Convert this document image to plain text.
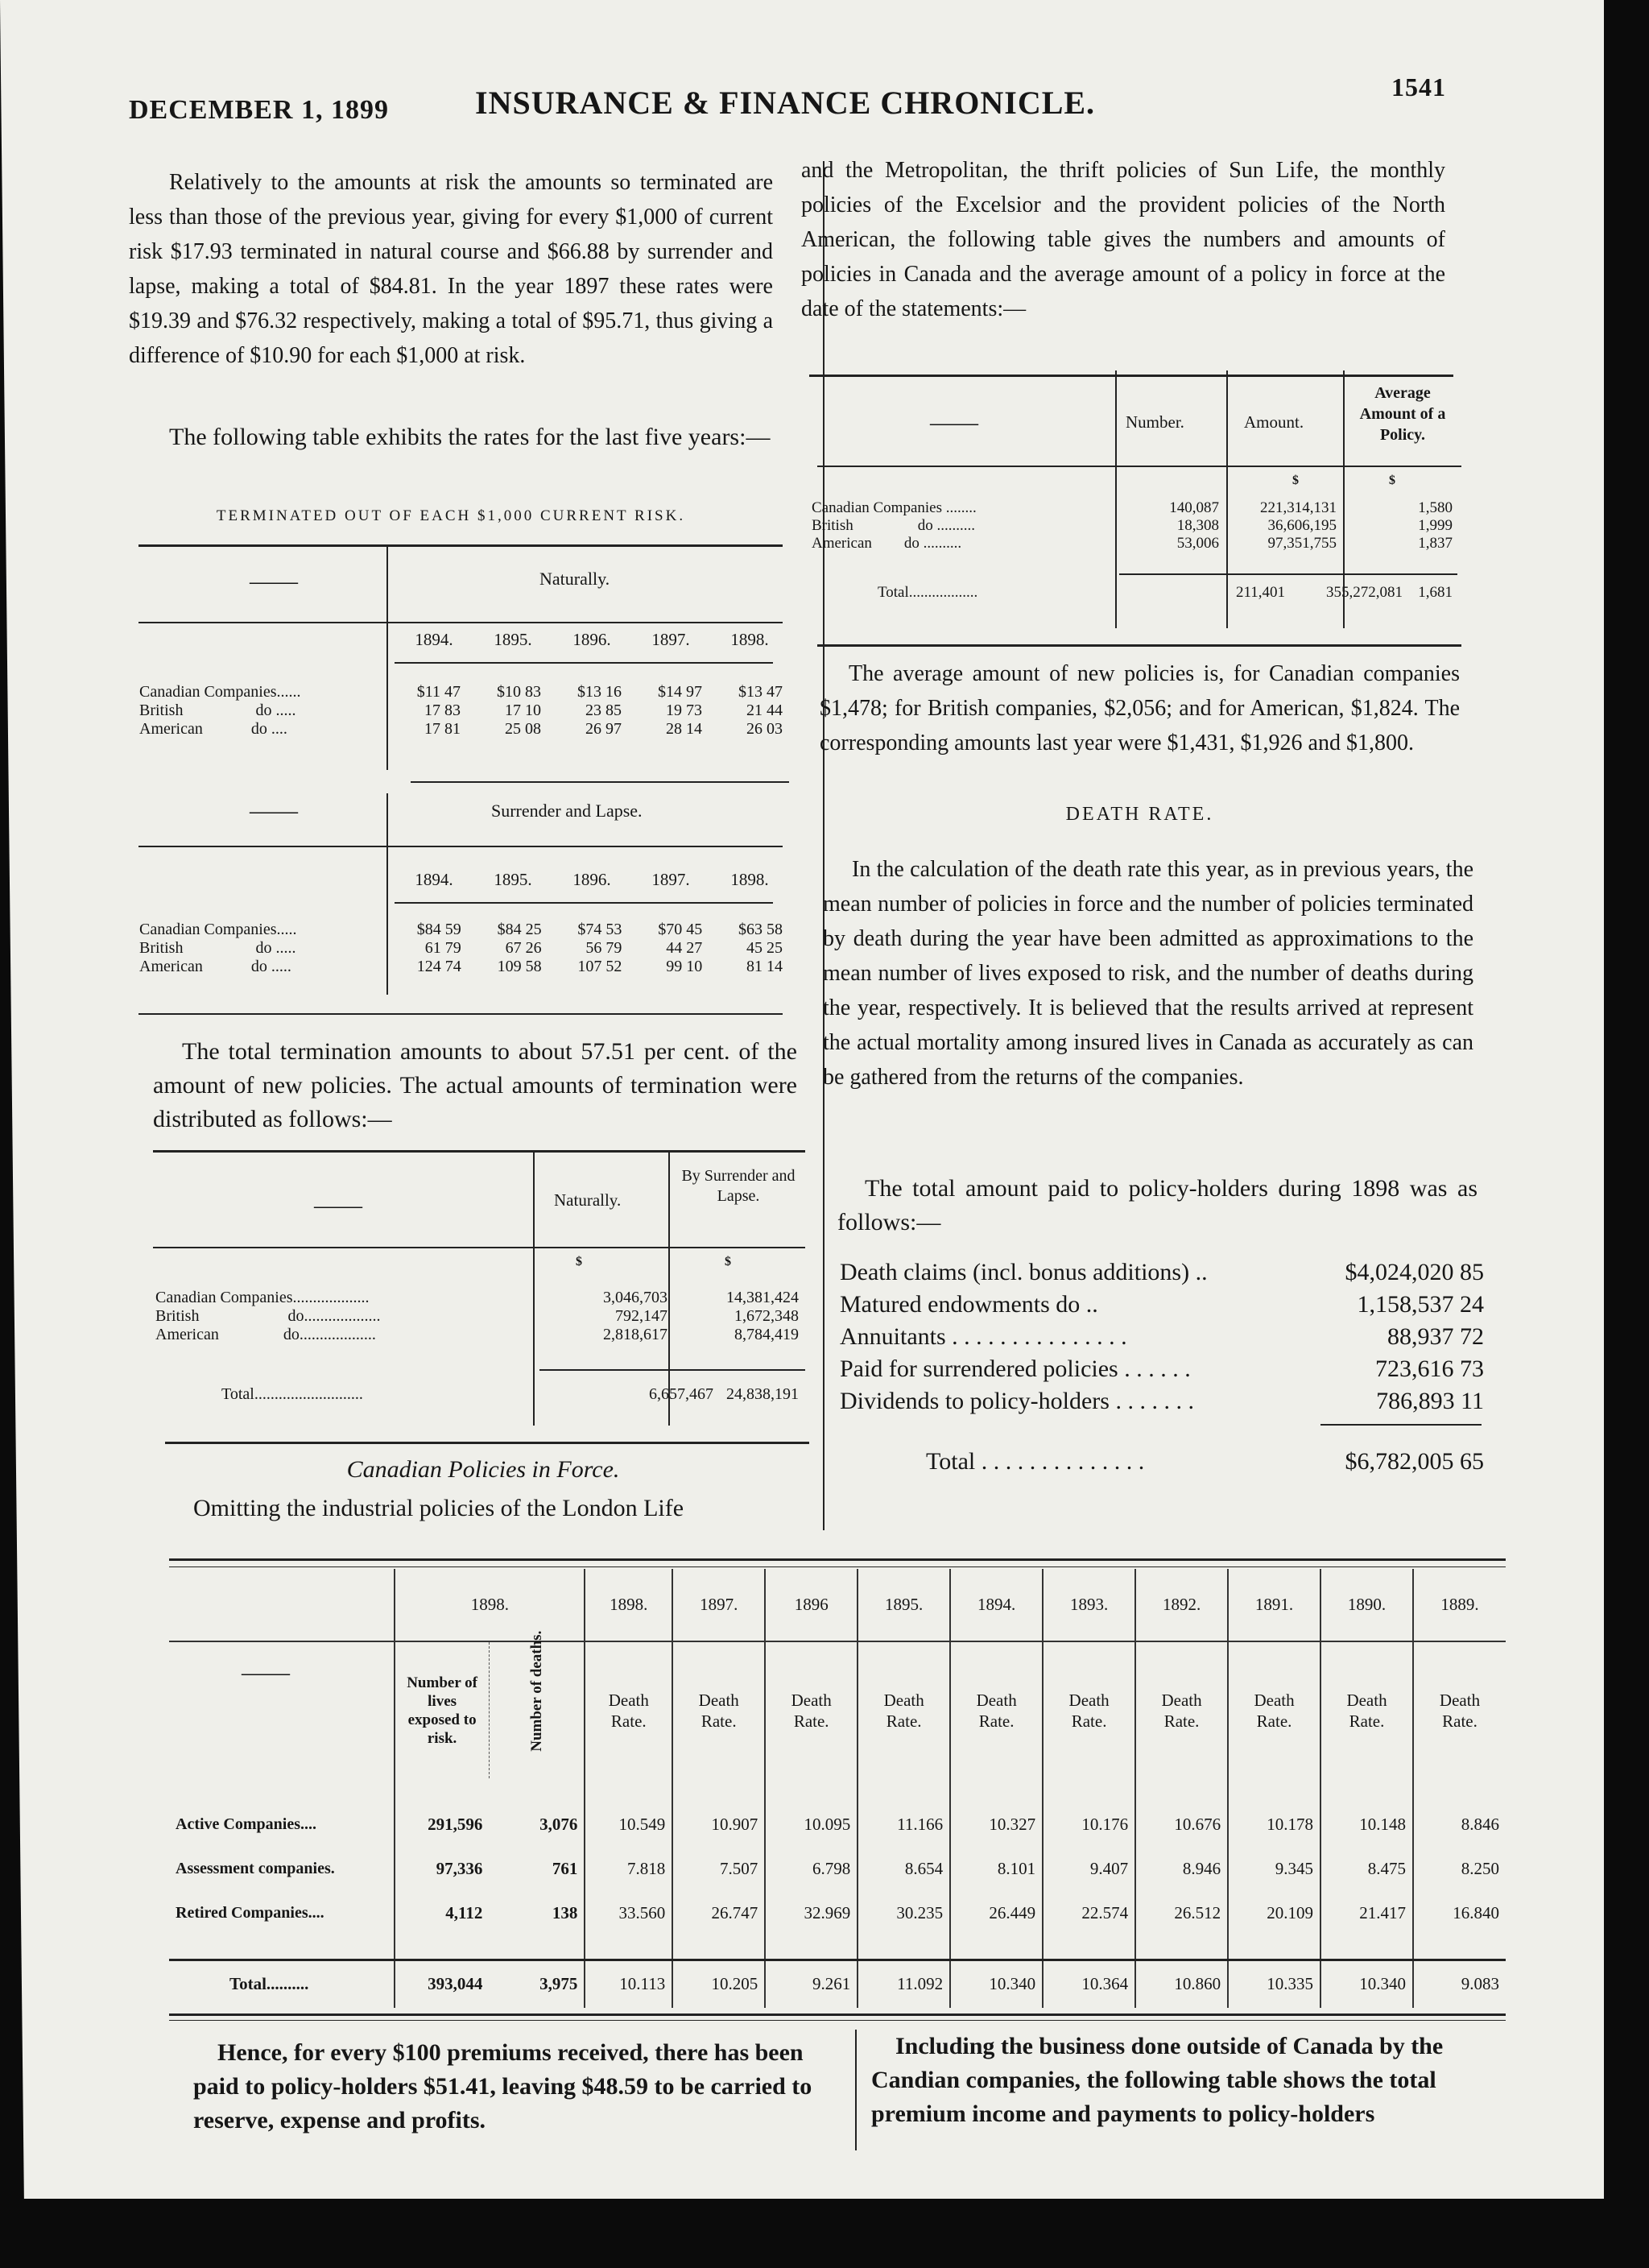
DECEMBER 1, 1899	INSURANCE & FINANCE CHRONICLE.	1541
Relatively to the amounts at risk the amounts so terminated are less than those of the previous year, giving for every $1,000 of current risk $17.93 terminated in natural course and $66.88 by surrender and lapse, making a total of $84.81. In the year 1897 these rates were $19.39 and $76.32 respectively, making a total of $95.71, thus giving a difference of $10.90 for each $1,000 at risk.
The following table exhibits the rates for the last five years:—
TERMINATED OUT OF EACH $1,000 CURRENT RISK.
——	Naturally.
1894. 1895. 1896. 1897. 1898.
Canadian Companies......	$11 47	$10 83	$13 16	$14 97	$13 47
British do .....	17 83	17 10	23 85	19 73	21 44
American do ....	17 81	25 08	26 97	28 14	26 03
——	Surrender and Lapse.
1894. 1895. 1896. 1897. 1898.
Canadian Companies.....	$84 59	$84 25	$74 53	$70 45	$63 58
British do .....	61 79	67 26	56 79	44 27	45 25
American do .....	124 74	109 58	107 52	99 10	81 14
The total termination amounts to about 57.51 per cent. of the amount of new policies. The actual amounts of termination were distributed as follows:—
——	Naturally.
By Surrender and Lapse.
$	$
Canadian Companies...................	3,046,703	14,381,424
British do...................	792,147	1,672,348
American do...................	2,818,617	8,784,419
Total...........................	6,657,467	24,838,191
Canadian Policies in Force.
Omitting the industrial policies of the London Life
and the Metropolitan, the thrift policies of Sun Life, the monthly policies of the Excelsior and the provident policies of the North American, the following table gives the numbers and amounts of policies in Canada and the average amount of a policy in force at the date of the statements:—
——	Number.	Amount.
Average Amount of a Policy.
$	$
Canadian Companies ........	140,087	221,314,131	1,580
British do ..........	18,308	36,606,195	1,999
American do ..........	53,006	97,351,755	1,837
Total..................	211,401	355,272,081	1,681
The average amount of new policies is, for Canadian companies $1,478; for British companies, $2,056; and for American, $1,824. The corresponding amounts last year were $1,431, $1,926 and $1,800.
DEATH RATE.
In the calculation of the death rate this year, as in previous years, the mean number of policies in force and the number of policies terminated by death during the year have been admitted as approximations to the mean number of lives exposed to risk, and the number of deaths during the year, respectively. It is believed that the results arrived at represent the actual mortality among insured lives in Canada as accurately as can be gathered from the returns of the companies.
The total amount paid to policy-holders during 1898 was as follows:—
Death claims (incl. bonus additions) ..	$4,024,020 85
Matured endowments do ..	1,158,537 24
Annuitants . . . . . . . . . . . . . . .	88,937 72
Paid for surrendered policies . . . . . .	723,616 73
Dividends to policy-holders . . . . . . .	786,893 11
Total . . . . . . . . . . . . . .	$6,782,005 65
——
	1898.		1898.	1897.	1896	1895.	1894.	1893.	1892.	1891.	1890.	1889.
	Number of lives exposed to risk.	Number of deaths.	Death Rate.	Death Rate.	Death Rate.	Death Rate.	Death Rate.	Death Rate.	Death Rate.	Death Rate.	Death Rate.	Death Rate.

Active Companies....	291,596	3,076	10.549	10.907	10.095	11.166	10.327	10.176	10.676	10.178	10.148	8.846
Assessment companies.	97,336	761	7.818	7.507	6.798	8.654	8.101	9.407	8.946	9.345	8.475	8.250
Retired Companies....	4,112	138	33.560	26.747	32.969	30.235	26.449	22.574	26.512	20.109	21.417	16.840

Total..........	393,044	3,975	10.113	10.205	9.261	11.092	10.340	10.364	10.860	10.335	10.340	9.083
Hence, for every $100 premiums received, there has been paid to policy-holders $51.41, leaving $48.59 to be carried to reserve, expense and profits.
Including the business done outside of Canada by the Candian companies, the following table shows the total premium income and payments to policy-holders
